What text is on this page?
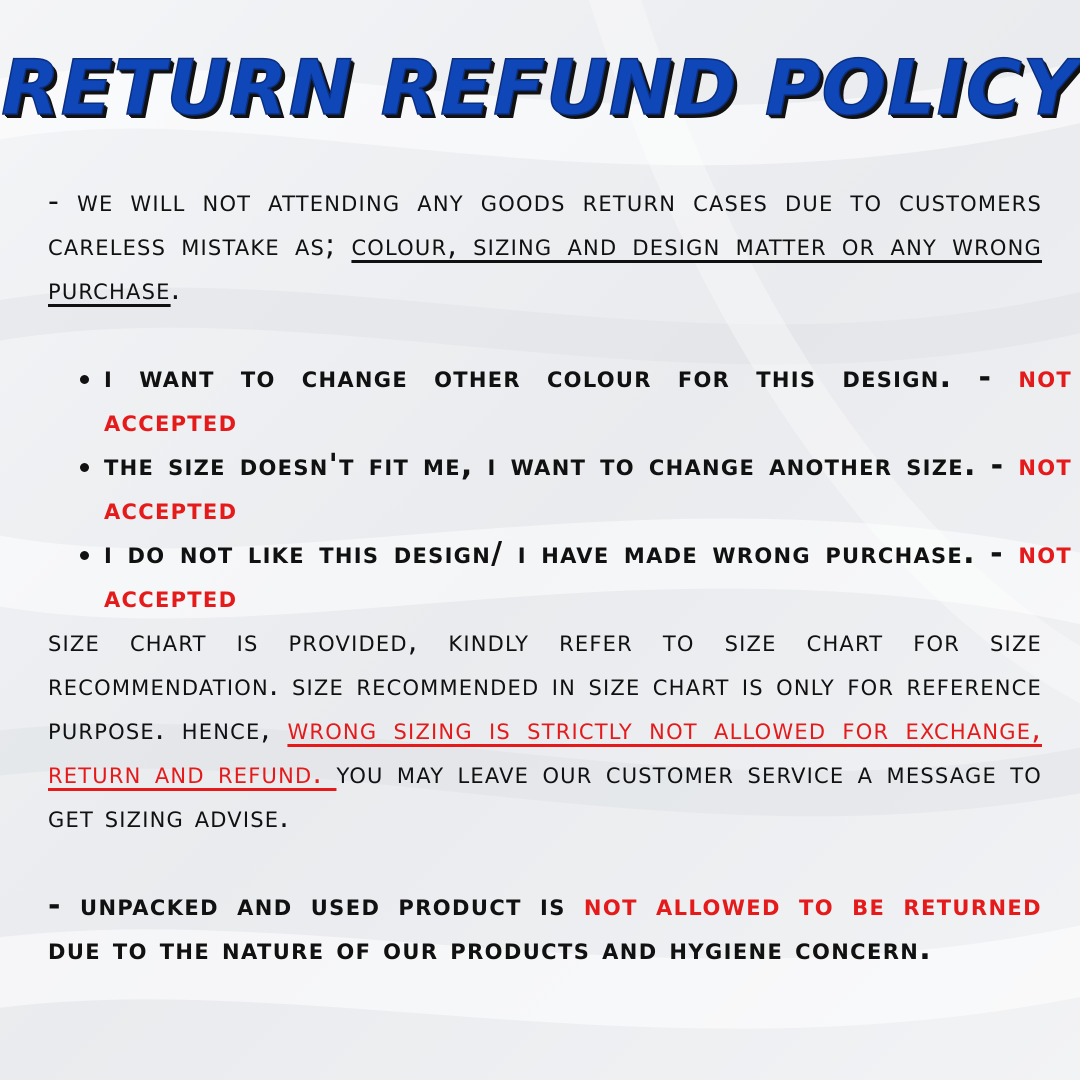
RETURN REFUND POLICY

- we will not attending any goods return cases due to customers careless mistake as; colour, sizing and design matter or any wrong purchase.

i want to change other colour for this design. - not accepted
the size doesn't fit me, i want to change another size. - not accepted
i do not like this design/ i have made wrong purchase. - not accepted

size chart is provided, kindly refer to size chart for size recommendation. size recommended in size chart is only for reference purpose. hence, wrong sizing is strictly not allowed for exchange, return and refund. you may leave our customer service a message to get sizing advise.

- unpacked and used product is not allowed to be returned due to the nature of our products and hygiene concern.
